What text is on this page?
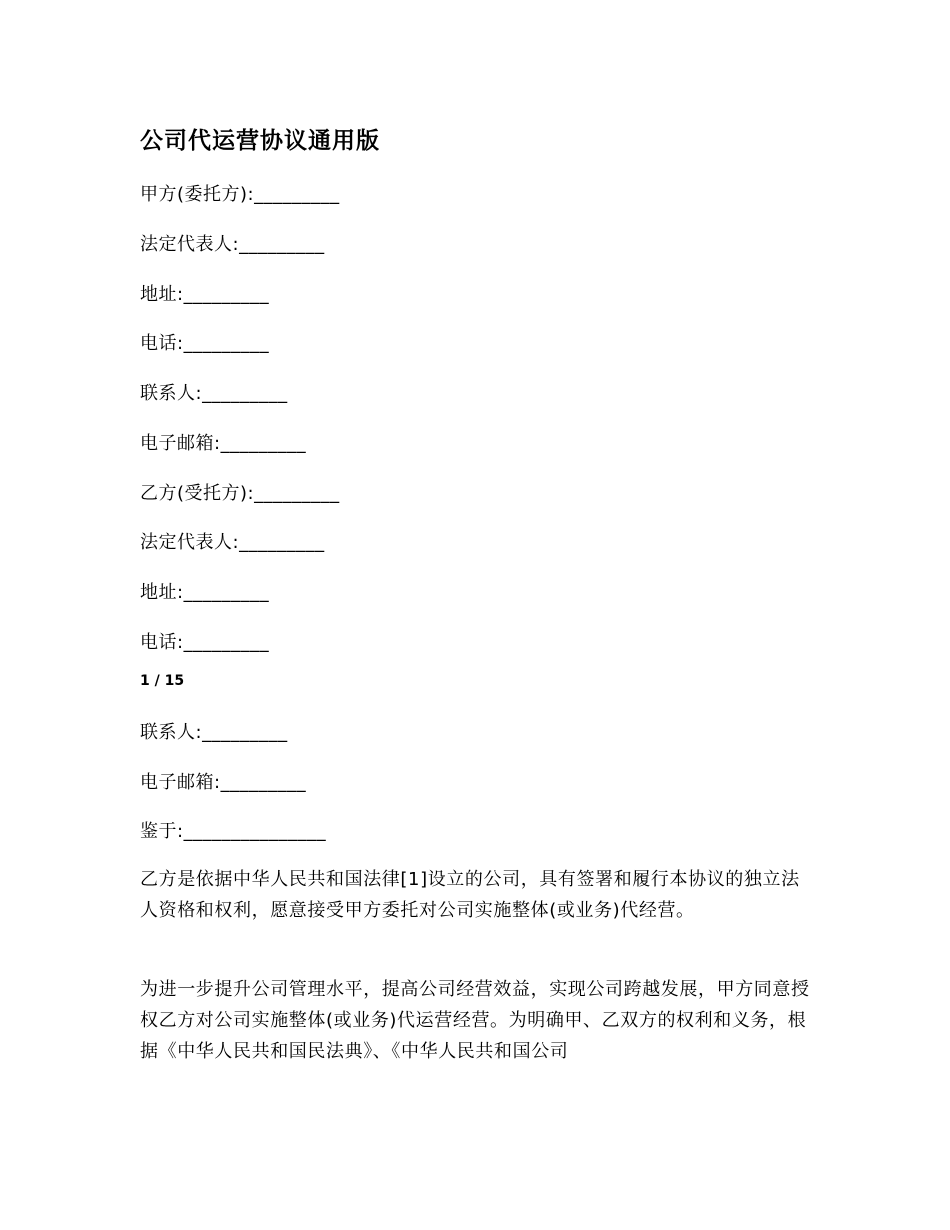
公司代运营协议通用版
甲方(委托方):_________
法定代表人:_________
地址:_________
电话:_________
联系人:_________
电子邮箱:_________
乙方(受托方):_________
法定代表人:_________
地址:_________
电话:_________
1 / 15
联系人:_________
电子邮箱:_________
鉴于:_______________
乙方是依据中华人民共和国法律[1]设立的公司，具有签署和履行本协议的独立法人资格和权利，愿意接受甲方委托对公司实施整体(或业务)代经营。
为进一步提升公司管理水平，提高公司经营效益，实现公司跨越发展，甲方同意授权乙方对公司实施整体(或业务)代运营经营。为明确甲、乙双方的权利和义务，根据《中华人民共和国民法典》、《中华人民共和国公司
